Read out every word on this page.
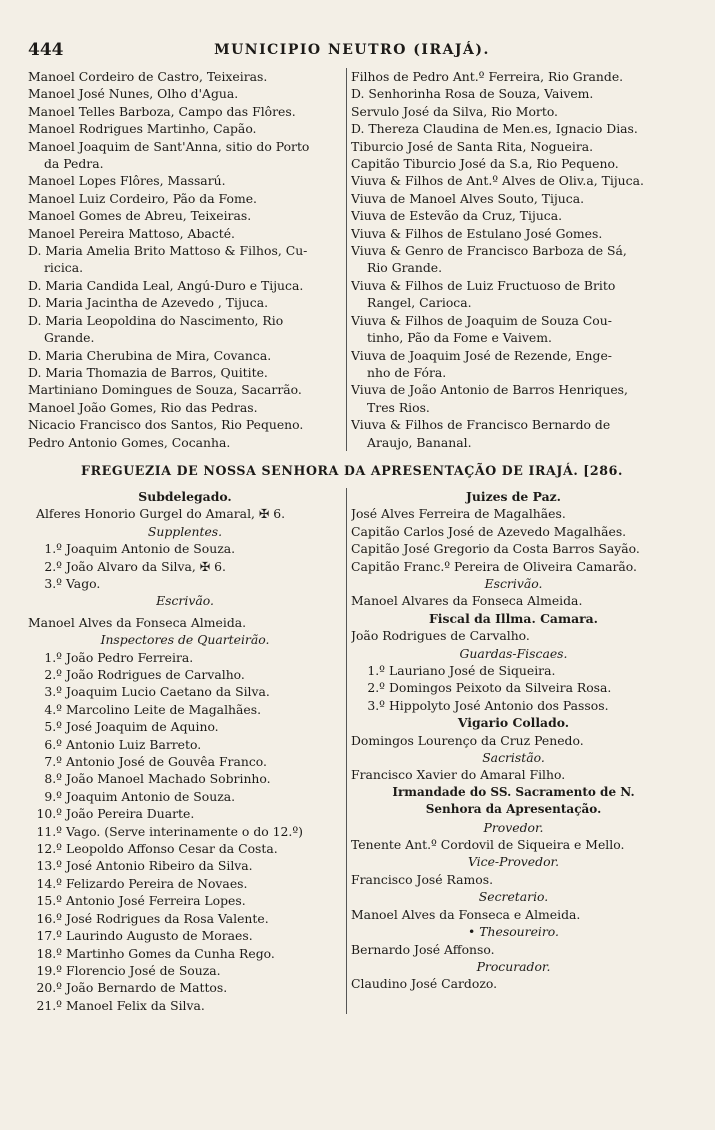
444	MUNICIPIO NEUTRO (IRAJÁ).
Manoel Cordeiro de Castro, Teixeiras.
Manoel José Nunes, Olho d'Agua.
Manoel Telles Barboza, Campo das Flôres.
Manoel Rodrigues Martinho, Capão.
Manoel Joaquim de Sant'Anna, sitio do Porto
da Pedra.
Manoel Lopes Flôres, Massarú.
Manoel Luiz Cordeiro, Pão da Fome.
Manoel Gomes de Abreu, Teixeiras.
Manoel Pereira Mattoso, Abacté.
D. Maria Amelia Brito Mattoso & Filhos, Cu-
ricica.
D. Maria Candida Leal, Angú-Duro e Tijuca.
D. Maria Jacintha de Azevedo , Tijuca.
D. Maria Leopoldina do Nascimento, Rio
Grande.
D. Maria Cherubina de Mira, Covanca.
D. Maria Thomazia de Barros, Quitite.
Martiniano Domingues de Souza, Sacarrão.
Manoel João Gomes, Rio das Pedras.
Nicacio Francisco dos Santos, Rio Pequeno.
Pedro Antonio Gomes, Cocanha.
Filhos de Pedro Ant.º Ferreira, Rio Grande.
D. Senhorinha Rosa de Souza, Vaivem.
Servulo José da Silva, Rio Morto.
D. Thereza Claudina de Men.es, Ignacio Dias.
Tiburcio José de Santa Rita, Nogueira.
Capitão Tiburcio José da S.a, Rio Pequeno.
Viuva & Filhos de Ant.º Alves de Oliv.a, Tijuca.
Viuva de Manoel Alves Souto, Tijuca.
Viuva de Estevão da Cruz, Tijuca.
Viuva & Filhos de Estulano José Gomes.
Viuva & Genro de Francisco Barboza de Sá,
Rio Grande.
Viuva & Filhos de Luiz Fructuoso de Brito
Rangel, Carioca.
Viuva & Filhos de Joaquim de Souza Cou-
tinho, Pão da Fome e Vaivem.
Viuva de Joaquim José de Rezende, Enge-
nho de Fóra.
Viuva de João Antonio de Barros Henriques,
Tres Rios.
Viuva & Filhos de Francisco Bernardo de
Araujo, Bananal.
FREGUEZIA DE NOSSA SENHORA DA APRESENTAÇÃO DE IRAJÁ. [286.
Subdelegado.
Alferes Honorio Gurgel do Amaral, ✠ 6.
Supplentes.
1.º Joaquim Antonio de Souza.
2.º João Alvaro da Silva, ✠ 6.
3.º Vago.
Escrivão.
Manoel Alves da Fonseca Almeida.
Inspectores de Quarteirão.
1.º João Pedro Ferreira.
2.º João Rodrigues de Carvalho.
3.º Joaquim Lucio Caetano da Silva.
4.º Marcolino Leite de Magalhães.
5.º José Joaquim de Aquino.
6.º Antonio Luiz Barreto.
7.º Antonio José de Gouvêa Franco.
8.º João Manoel Machado Sobrinho.
9.º Joaquim Antonio de Souza.
10.º João Pereira Duarte.
11.º Vago. (Serve interinamente o do 12.º)
12.º Leopoldo Affonso Cesar da Costa.
13.º José Antonio Ribeiro da Silva.
14.º Felizardo Pereira de Novaes.
15.º Antonio José Ferreira Lopes.
16.º José Rodrigues da Rosa Valente.
17.º Laurindo Augusto de Moraes.
18.º Martinho Gomes da Cunha Rego.
19.º Florencio José de Souza.
20.º João Bernardo de Mattos.
21.º Manoel Felix da Silva.
Juizes de Paz.
José Alves Ferreira de Magalhães.
Capitão Carlos José de Azevedo Magalhães.
Capitão José Gregorio da Costa Barros Sayão.
Capitão Franc.º Pereira de Oliveira Camarão.
Escrivão.
Manoel Alvares da Fonseca Almeida.
Fiscal da Illma. Camara.
João Rodrigues de Carvalho.
Guardas-Fiscaes.
1.º Lauriano José de Siqueira.
2.º Domingos Peixoto da Silveira Rosa.
3.º Hippolyto José Antonio dos Passos.
Vigario Collado.
Domingos Lourenço da Cruz Penedo.
Sacristão.
Francisco Xavier do Amaral Filho.
Irmandade do SS. Sacramento de N.
Senhora da Apresentação.
Provedor.
Tenente Ant.º Cordovil de Siqueira e Mello.
Vice-Provedor.
Francisco José Ramos.
Secretario.
Manoel Alves da Fonseca e Almeida.
• Thesoureiro.
Bernardo José Affonso.
Procurador.
Claudino José Cardozo.
